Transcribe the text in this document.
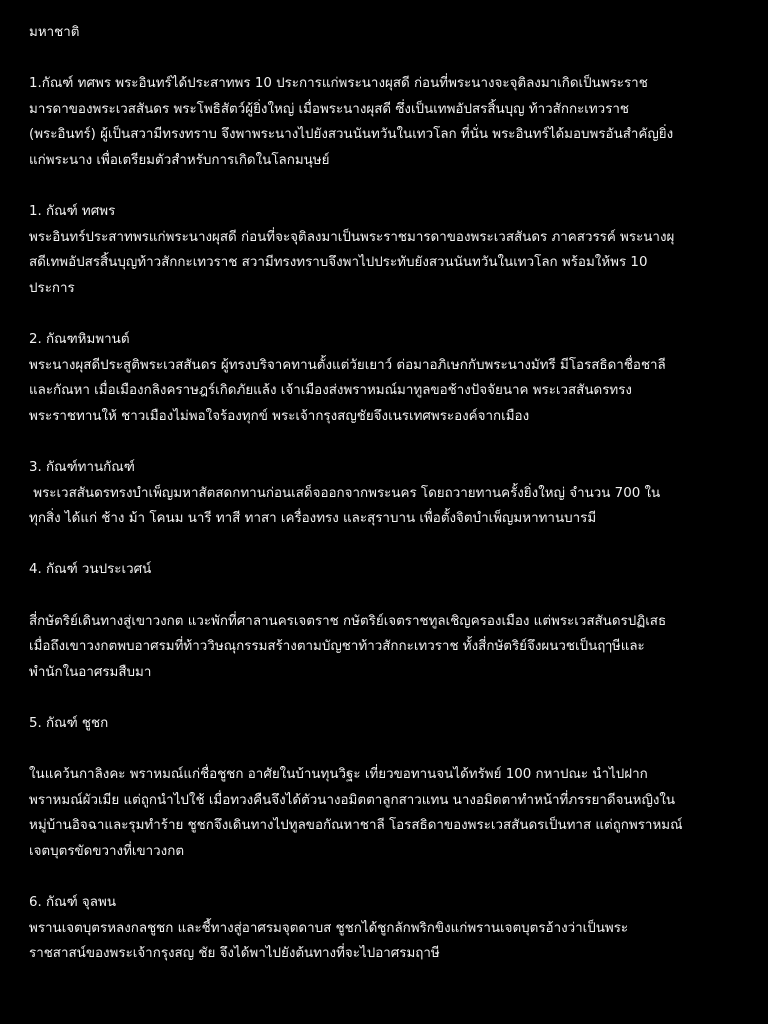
มหาชาติ

1.กัณฑ์ ทศพร พระอินทร์ได้ประสาทพร 10 ประการแก่พระนางผุสดี ก่อนที่พระนางจะจุติลงมาเกิดเป็นพระราช

มารดาของพระเวสสันดร พระโพธิสัตว์ผู้ยิ่งใหญ่ เมื่อพระนางผุสดี ซึ่งเป็นเทพอัปสรสิ้นบุญ ท้าวสักกะเทวราช

(พระอินทร์) ผู้เป็นสวามีทรงทราบ จึงพาพระนางไปยังสวนนันทวันในเทวโลก ที่นั่น พระอินทร์ได้มอบพรอันสำคัญยิ่ง

แก่พระนาง เพื่อเตรียมตัวสำหรับการเกิดในโลกมนุษย์

1. กัณฑ์ ทศพร

พระอินทร์ประสาทพรแก่พระนางผุสดี ก่อนที่จะจุติลงมาเป็นพระราชมารดาของพระเวสสันดร ภาคสวรรค์ พระนางผุ

สดีเทพอัปสรสิ้นบุญท้าวสักกะเทวราช สวามีทรงทราบจึงพาไปประทับยังสวนนันทวันในเทวโลก พร้อมให้พร 10

ประการ

2. กัณฑหิมพานต์

พระนางผุสดีประสูติพระเวสสันดร ผู้ทรงบริจาคทานตั้งแต่วัยเยาว์ ต่อมาอภิเษกกับพระนางมัทรี มีโอรสธิดาชื่อชาลี

และกัณหา เมื่อเมืองกลิงคราษฎร์เกิดภัยแล้ง เจ้าเมืองส่งพราหมณ์มาทูลขอช้างปัจจัยนาค พระเวสสันดรทรง

พระราชทานให้ ชาวเมืองไม่พอใจร้องทุกข์ พระเจ้ากรุงสญชัยจึงเนรเทศพระองค์จากเมือง

3. กัณฑ์ทานกัณฑ์

พระเวสสันดรทรงบำเพ็ญมหาสัตสดกทานก่อนเสด็จออกจากพระนคร โดยถวายทานครั้งยิ่งใหญ่ จำนวน 700 ใน

ทุกสิ่ง ได้แก่ ช้าง ม้า โคนม นารี ทาสี ทาสา เครื่องทรง และสุราบาน เพื่อตั้งจิตบำเพ็ญมหาทานบารมี

4. กัณฑ์ วนประเวศน์

สี่กษัตริย์เดินทางสู่เขาวงกต แวะพักที่ศาลานครเจตราช กษัตริย์เจตราชทูลเชิญครองเมือง แต่พระเวสสันดรปฏิเสธ

เมื่อถึงเขาวงกตพบอาศรมที่ท้าววิษณุกรรมสร้างตามบัญชาท้าวสักกะเทวราช ทั้งสี่กษัตริย์จึงผนวชเป็นฤๅษีและ

พำนักในอาศรมสืบมา

5. กัณฑ์ ชูชก

ในแคว้นกาลิงคะ พราหมณ์แก่ชื่อชูชก อาศัยในบ้านทุนวิฐะ เที่ยวขอทานจนได้ทรัพย์ 100 กหาปณะ นำไปฝาก

พราหมณ์ผัวเมีย แต่ถูกนำไปใช้ เมื่อทวงคืนจึงได้ตัวนางอมิตตาลูกสาวแทน นางอมิตตาทำหน้าที่ภรรยาดีจนหญิงใน

หมู่บ้านอิจฉาและรุมทำร้าย ชูชกจึงเดินทางไปทูลขอกัณหาชาลี โอรสธิดาของพระเวสสันดรเป็นทาส แต่ถูกพราหมณ์

เจตบุตรขัดขวางที่เขาวงกต

6. กัณฑ์ จุลพน

พรานเจตบุตรหลงกลชูชก และชี้ทางสู่อาศรมจุตดาบส ชูชกได้ชูกลักพริกขิงแก่พรานเจตบุตรอ้างว่าเป็นพระ

ราชสาสน์ของพระเจ้ากรุงสญ ชัย จึงได้พาไปยังต้นทางที่จะไปอาศรมฤาษี
